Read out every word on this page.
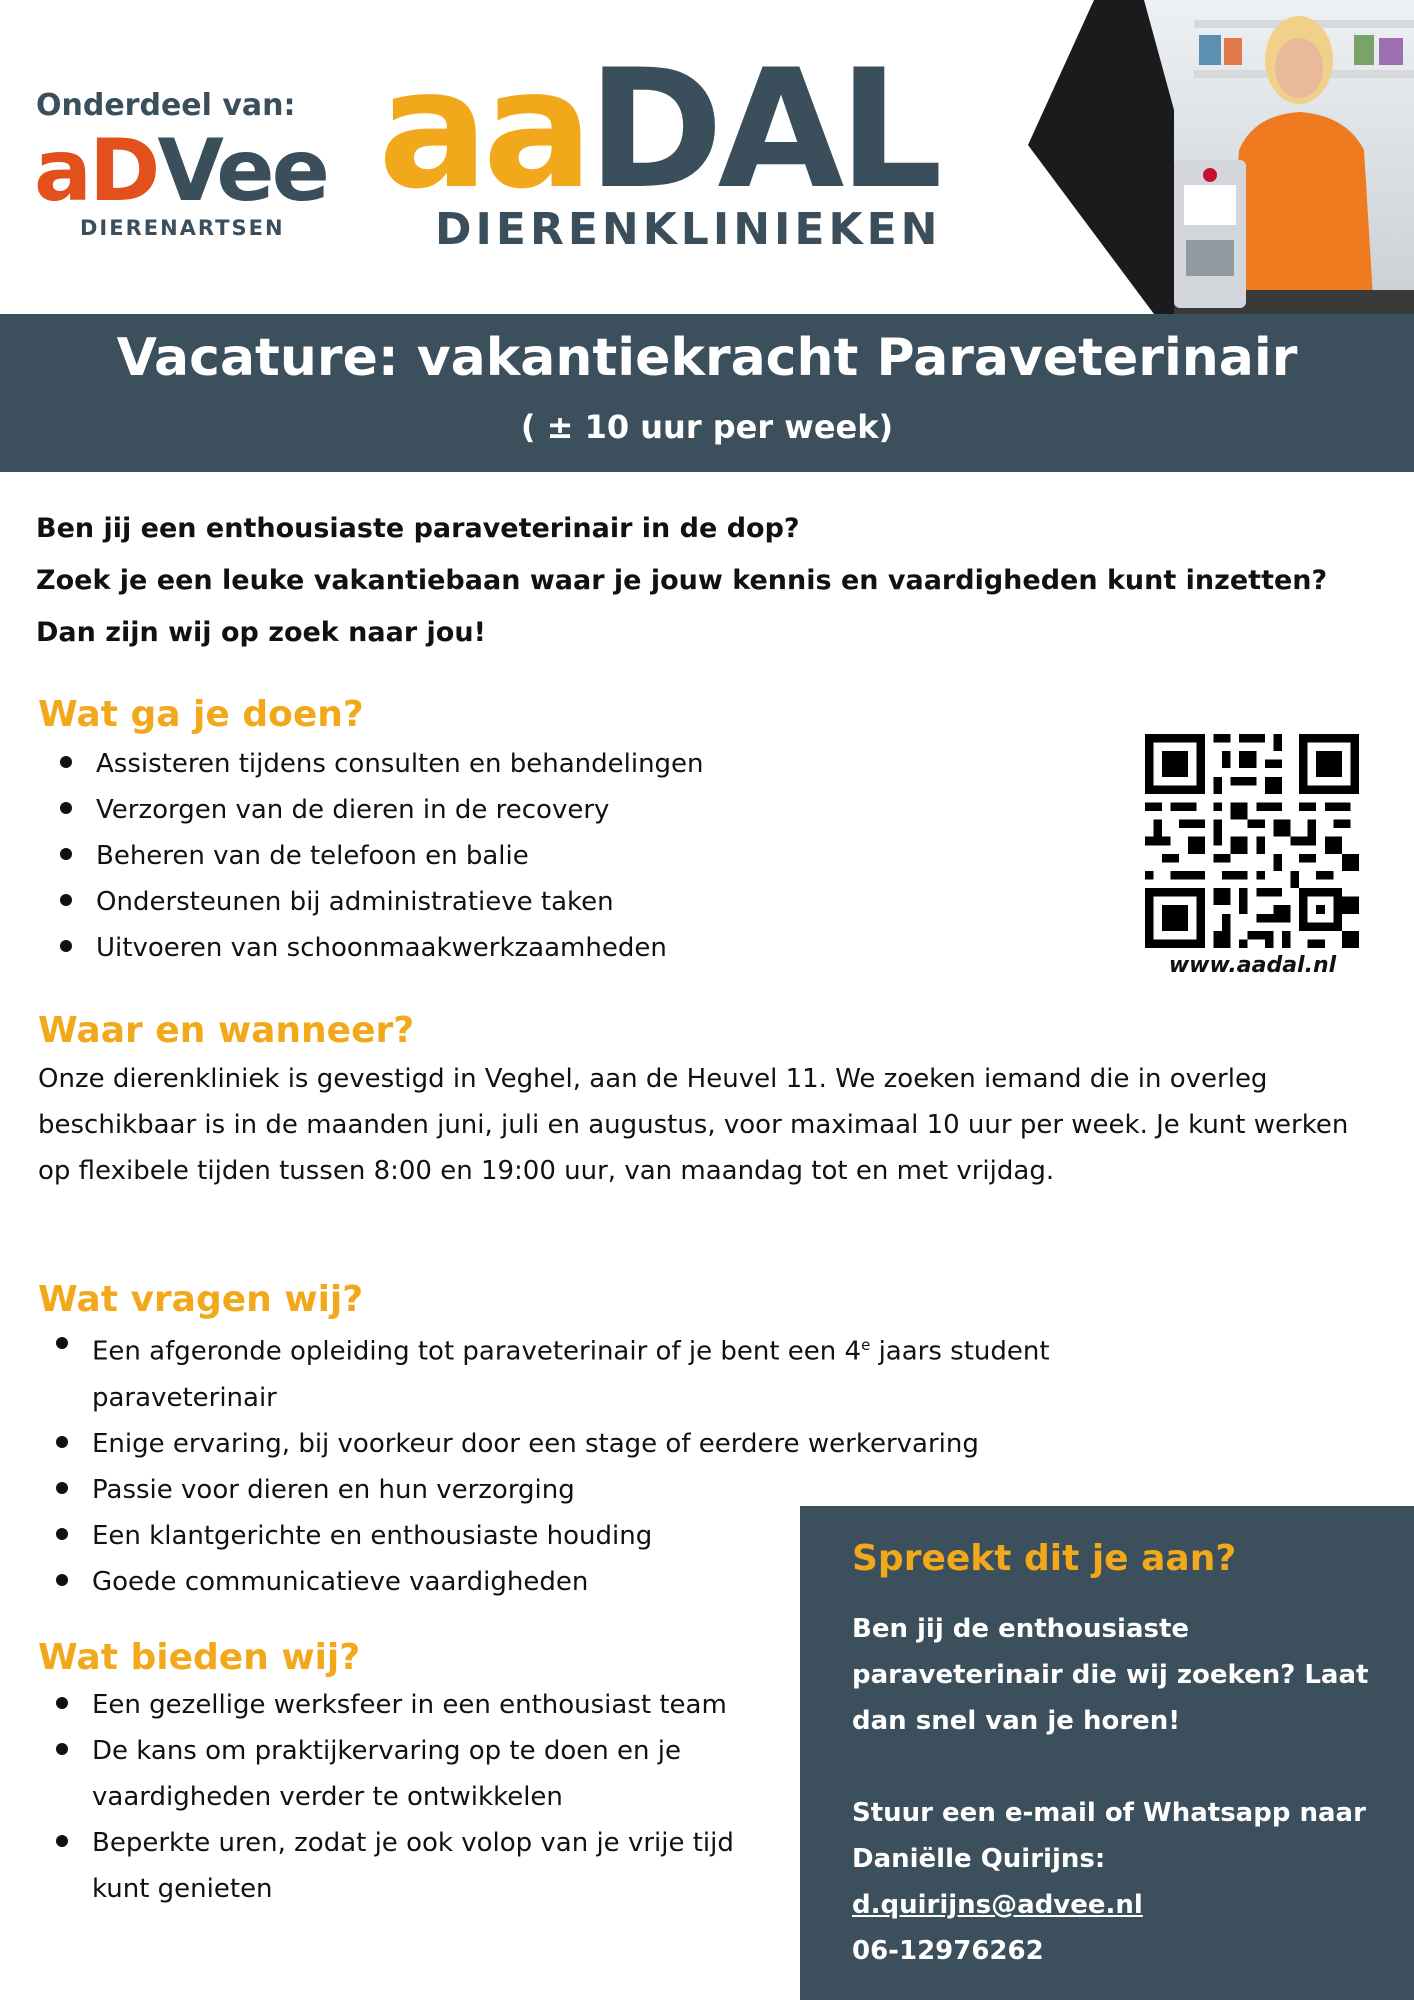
Onderdeel van:
aDVee
DIERENARTSEN
aaDAL
DIERENKLINIEKEN
Vacature: vakantiekracht Paraveterinair
( ± 10 uur per week)
Ben jij een enthousiaste paraveterinair in de dop?
Zoek je een leuke vakantiebaan waar je jouw kennis en vaardigheden kunt inzetten? Dan zijn wij op zoek naar jou!
Wat ga je doen?
Assisteren tijdens consulten en behandelingen
Verzorgen van de dieren in de recovery
Beheren van de telefoon en balie
Ondersteunen bij administratieve taken
Uitvoeren van schoonmaakwerkzaamheden
www.aadal.nl
Waar en wanneer?
Onze dierenkliniek is gevestigd in Veghel, aan de Heuvel 11. We zoeken iemand die in overleg beschikbaar is in de maanden juni, juli en augustus, voor maximaal 10 uur per week. Je kunt werken op flexibele tijden tussen 8:00 en 19:00 uur, van maandag tot en met vrijdag.
Wat vragen wij?
Een afgeronde opleiding tot paraveterinair of je bent een 4e jaars student paraveterinair
Enige ervaring, bij voorkeur door een stage of eerdere werkervaring
Passie voor dieren en hun verzorging
Een klantgerichte en enthousiaste houding
Goede communicatieve vaardigheden
Wat bieden wij?
Een gezellige werksfeer in een enthousiast team
De kans om praktijkervaring op te doen en je vaardigheden verder te ontwikkelen
Beperkte uren, zodat je ook volop van je vrije tijd kunt genieten
Spreekt dit je aan?
Ben jij de enthousiaste paraveterinair die wij zoeken? Laat dan snel van je horen!
Stuur een e-mail of Whatsapp naar Daniëlle Quirijns:
d.quirijns@advee.nl
06-12976262
